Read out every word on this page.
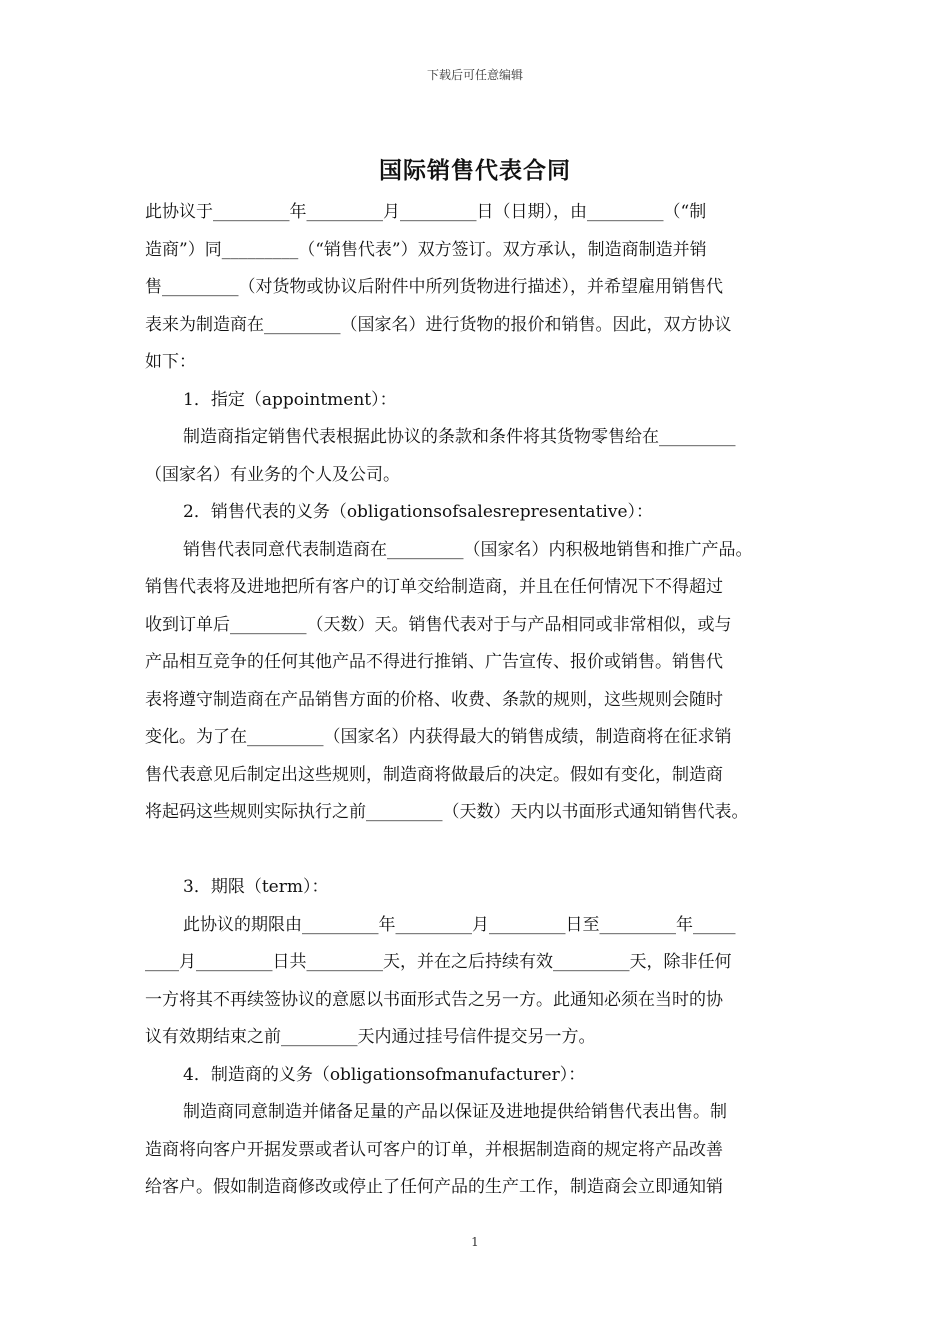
下载后可任意编辑
国际销售代表合同
此协议于_________年_________月_________日（日期），由_________（“制
造商”）同_________（“销售代表”）双方签订。双方承认，制造商制造并销
售_________（对货物或协议后附件中所列货物进行描述），并希望雇用销售代
表来为制造商在_________（国家名）进行货物的报价和销售。因此，双方协议
如下：
1．指定（appointment）：
制造商指定销售代表根据此协议的条款和条件将其货物零售给在_________
（国家名）有业务的个人及公司。
2．销售代表的义务（obligationsofsalesrepresentative）：
销售代表同意代表制造商在_________（国家名）内积极地销售和推广产品。
销售代表将及进地把所有客户的订单交给制造商，并且在任何情况下不得超过
收到订单后_________（天数）天。销售代表对于与产品相同或非常相似，或与
产品相互竞争的任何其他产品不得进行推销、广告宣传、报价或销售。销售代
表将遵守制造商在产品销售方面的价格、收费、条款的规则，这些规则会随时
变化。为了在_________（国家名）内获得最大的销售成绩，制造商将在征求销
售代表意见后制定出这些规则，制造商将做最后的决定。假如有变化，制造商
将起码这些规则实际执行之前_________（天数）天内以书面形式通知销售代表。
3．期限（term）：
此协议的期限由_________年_________月_________日至_________年_____
____月_________日共_________天，并在之后持续有效_________天，除非任何
一方将其不再续签协议的意愿以书面形式告之另一方。此通知必须在当时的协
议有效期结束之前_________天内通过挂号信件提交另一方。
4．制造商的义务（obligationsofmanufacturer）：
制造商同意制造并储备足量的产品以保证及进地提供给销售代表出售。制
造商将向客户开据发票或者认可客户的订单，并根据制造商的规定将产品改善
给客户。假如制造商修改或停止了任何产品的生产工作，制造商会立即通知销
1
